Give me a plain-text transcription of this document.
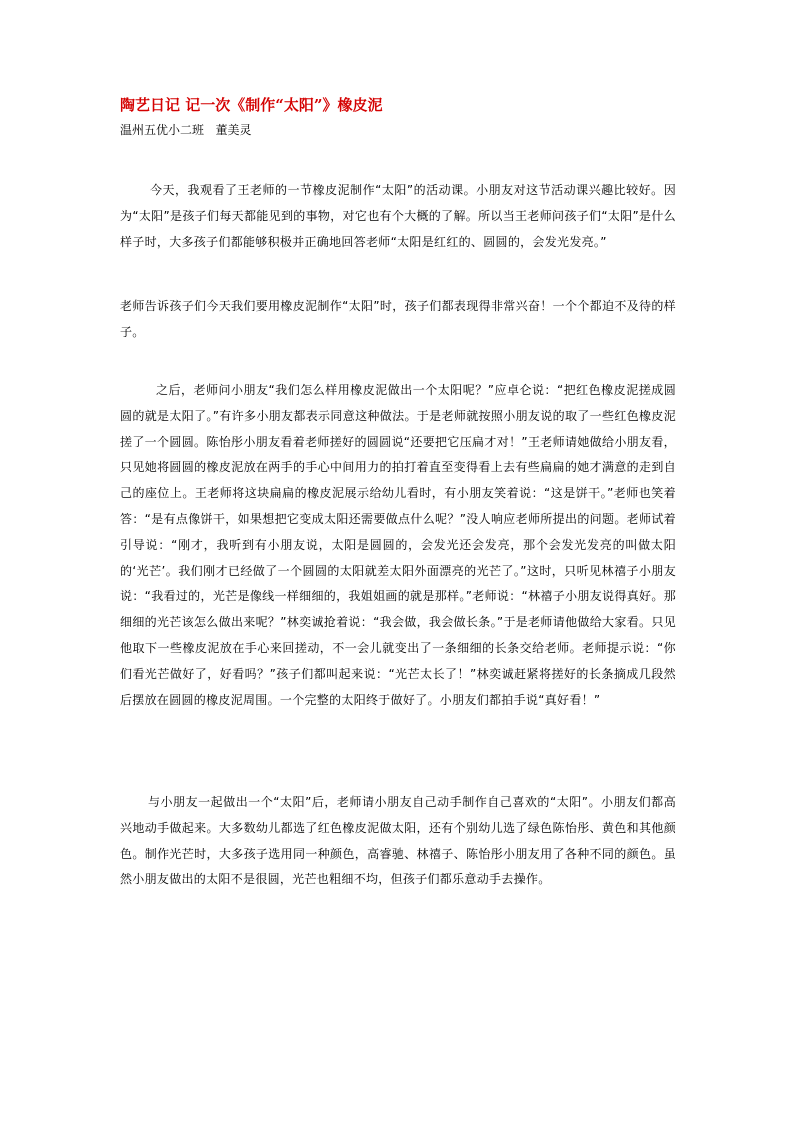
陶艺日记 记一次《制作“太阳”》橡皮泥
温州五优小二班   董美灵

今天，我观看了王老师的一节橡皮泥制作“太阳”的活动课。小朋友对这节活动课兴趣比较好。因为“太阳”是孩子们每天都能见到的事物，对它也有个大概的了解。所以当王老师问孩子们“太阳”是什么样子时，大多孩子们都能够积极并正确地回答老师“太阳是红红的、圆圆的，会发光发亮。”

老师告诉孩子们今天我们要用橡皮泥制作“太阳”时，孩子们都表现得非常兴奋！一个个都迫不及待的样子。

之后，老师问小朋友“我们怎么样用橡皮泥做出一个太阳呢？”应卓仑说：“把红色橡皮泥搓成圆圆的就是太阳了。”有许多小朋友都表示同意这种做法。于是老师就按照小朋友说的取了一些红色橡皮泥搓了一个圆圆。陈怡彤小朋友看着老师搓好的圆圆说“还要把它压扁才对！”王老师请她做给小朋友看，只见她将圆圆的橡皮泥放在两手的手心中间用力的拍打着直至变得看上去有些扁扁的她才满意的走到自己的座位上。王老师将这块扁扁的橡皮泥展示给幼儿看时，有小朋友笑着说：“这是饼干。”老师也笑着答：“是有点像饼干，如果想把它变成太阳还需要做点什么呢？”没人响应老师所提出的问题。老师试着引导说：“刚才，我听到有小朋友说，太阳是圆圆的，会发光还会发亮，那个会发光发亮的叫做太阳的‘光芒’。我们刚才已经做了一个圆圆的太阳就差太阳外面漂亮的光芒了。”这时，只听见林禧子小朋友说：“我看过的，光芒是像线一样细细的，我姐姐画的就是那样。”老师说：“林禧子小朋友说得真好。那细细的光芒该怎么做出来呢？”林奕诚抢着说：“我会做，我会做长条。”于是老师请他做给大家看。只见他取下一些橡皮泥放在手心来回搓动，不一会儿就变出了一条细细的长条交给老师。老师提示说：“你们看光芒做好了，好看吗？”孩子们都叫起来说：“光芒太长了！”林奕诚赶紧将搓好的长条摘成几段然后摆放在圆圆的橡皮泥周围。一个完整的太阳终于做好了。小朋友们都拍手说“真好看！”

与小朋友一起做出一个“太阳”后，老师请小朋友自己动手制作自己喜欢的“太阳”。小朋友们都高兴地动手做起来。大多数幼儿都选了红色橡皮泥做太阳，还有个别幼儿选了绿色陈怡彤、黄色和其他颜色。制作光芒时，大多孩子选用同一种颜色，高睿驰、林禧子、陈怡彤小朋友用了各种不同的颜色。虽然小朋友做出的太阳不是很圆，光芒也粗细不均，但孩子们都乐意动手去操作。
